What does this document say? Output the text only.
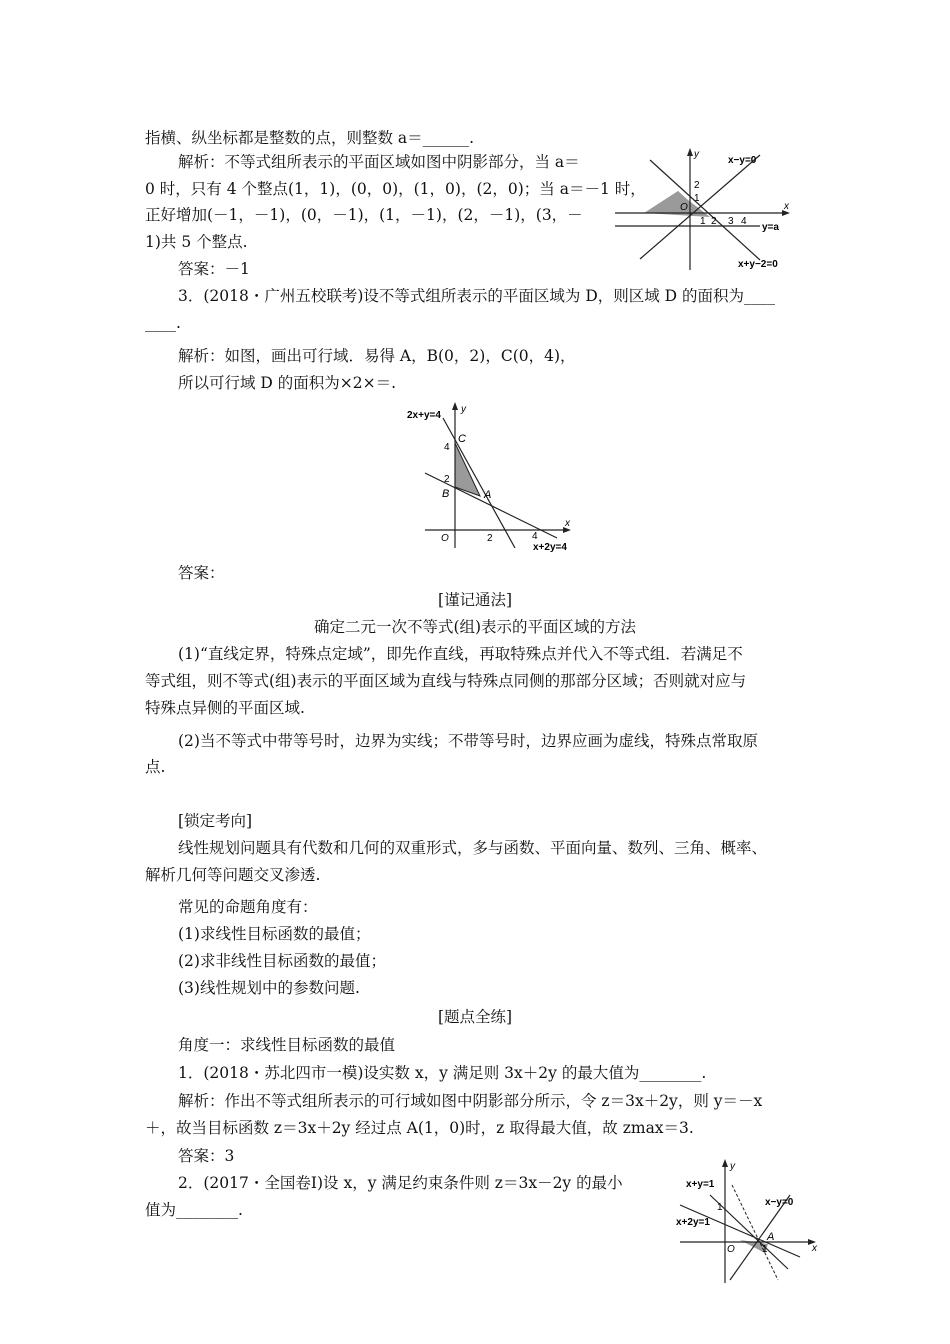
指横、纵坐标都是整数的点，则整数 a＝______.
解析：不等式组所表示的平面区域如图中阴影部分，当 a＝
0 时，只有 4 个整点(1，1)，(0，0)，(1，0)，(2，0)；当 a＝－1 时，
正好增加(－1，－1)，(0，－1)，(1，－1)，(2，－1)，(3，－
1)共 5 个整点.
答案：－1
3．(2018・广州五校联考)设不等式组所表示的平面区域为 D，则区域 D 的面积为____
____.
解析：如图，画出可行域．易得 A，B(0，2)，C(0，4)，
所以可行域 D 的面积为×2×＝.
答案：
[谨记通法]
确定二元一次不等式(组)表示的平面区域的方法
(1)“直线定界，特殊点定域”，即先作直线，再取特殊点并代入不等式组．若满足不
等式组，则不等式(组)表示的平面区域为直线与特殊点同侧的那部分区域；否则就对应与
特殊点异侧的平面区域.
(2)当不等式中带等号时，边界为实线；不带等号时，边界应画为虚线，特殊点常取原
点.
[锁定考向]
线性规划问题具有代数和几何的双重形式，多与函数、平面向量、数列、三角、概率、
解析几何等问题交叉渗透.
常见的命题角度有：
(1)求线性目标函数的最值；
(2)求非线性目标函数的最值；
(3)线性规划中的参数问题.
[题点全练]
角度一：求线性目标函数的最值
1．(2018・苏北四市一模)设实数 x，y 满足则 3x＋2y 的最大值为________.
解析：作出不等式组所表示的可行域如图中阴影部分所示，令 z＝3x＋2y，则 y＝－x
＋，故当目标函数 z＝3x＋2y 经过点 A(1，0)时，z 取得最大值，故 zmax＝3.
答案：3
2．(2017・全国卷Ⅰ)设 x，y 满足约束条件则 z＝3x－2y 的最小
值为________.
y
x
O
x−y=0
y=a
x+y−2=0
2
1
1 2 3 4
y
x
O
2x+y=4
x+2y=4
C
B	A
4
2
2	4
y
x
O
x+y=1
x−y=0
x+2y=1
A
1
1
